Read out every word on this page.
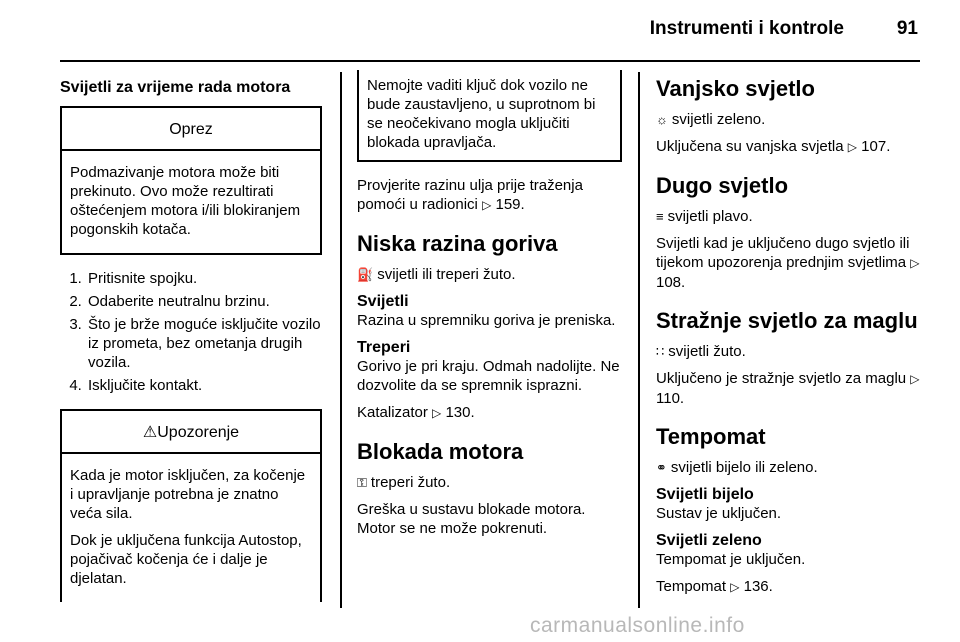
Instrumenti i kontrole	91
Svijetli za vrijeme rada motora
Oprez

Podmazivanje motora može biti prekinuto. Ovo može rezultirati oštećenjem motora i/ili blokiranjem pogonskih kotača.

1. Pritisnite spojku.
2. Odaberite neutralnu brzinu.
3. Što je brže moguće isključite vozilo iz prometa, bez ometanja drugih vozila.
4. Isključite kontakt.
⚠Upozorenje

Kada je motor isključen, za kočenje i upravljanje potrebna je znatno veća sila.

Dok je uključena funkcija Autostop, pojačivač kočenja će i dalje je djelatan.

Nemojte vaditi ključ dok vozilo ne bude zaustavljeno, u suprotnom bi se neočekivano mogla uključiti blokada upravljača.

Provjerite razinu ulja prije traženja pomoći u radionici ▷ 159.

Niska razina goriva

⛽ svijetli ili treperi žuto.

Svijetli

Razina u spremniku goriva je preniska.

Treperi

Gorivo je pri kraju. Odmah nadolijte. Ne dozvolite da se spremnik isprazni.

Katalizator ▷ 130.

Blokada motora

⚿ treperi žuto.

Greška u sustavu blokade motora. Motor se ne može pokrenuti.

Vanjsko svjetlo

☼ svijetli zeleno.

Uključena su vanjska svjetla ▷ 107.

Dugo svjetlo

≡ svijetli plavo.

Svijetli kad je uključeno dugo svjetlo ili tijekom upozorenja prednjim svjetlima ▷ 108.

Stražnje svjetlo za maglu

∷ svijetli žuto.

Uključeno je stražnje svjetlo za maglu ▷ 110.

Tempomat

⚭ svijetli bijelo ili zeleno.

Svijetli bijelo

Sustav je uključen.

Svijetli zeleno

Tempomat je uključen.

Tempomat ▷ 136.

carmanualsonline.info
